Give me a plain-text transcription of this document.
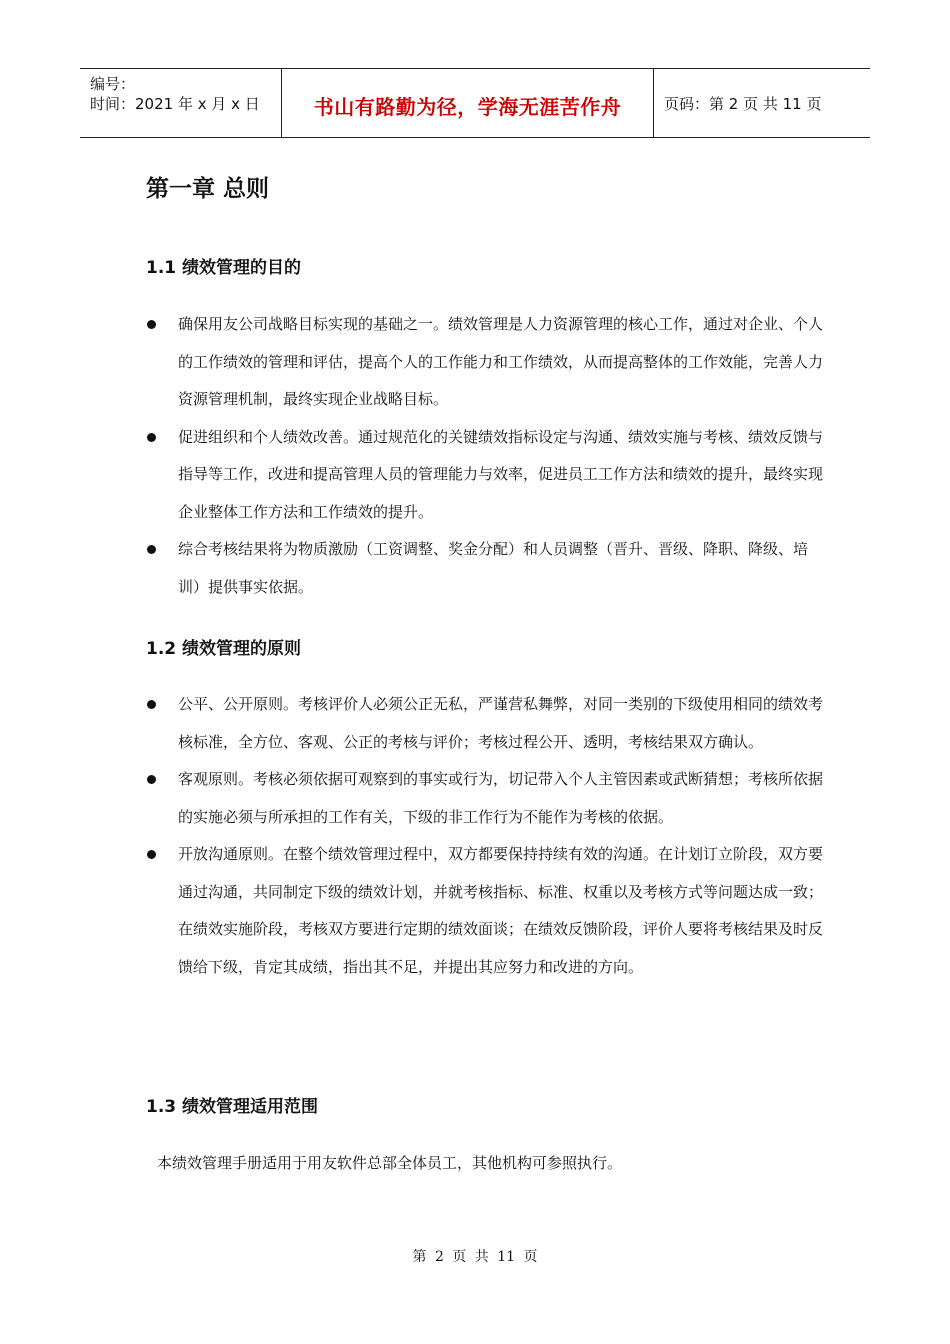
编号：
时间：2021 年 x 月 x 日	书山有路勤为径，学海无涯苦作舟	页码：第 2 页 共 11 页
第一章 总则
1.1 绩效管理的目的
确保用友公司战略目标实现的基础之一。绩效管理是人力资源管理的核心工作，通过对企业、个人的工作绩效的管理和评估，提高个人的工作能力和工作绩效，从而提高整体的工作效能，完善人力资源管理机制，最终实现企业战略目标。
促进组织和个人绩效改善。通过规范化的关键绩效指标设定与沟通、绩效实施与考核、绩效反馈与指导等工作，改进和提高管理人员的管理能力与效率，促进员工工作方法和绩效的提升，最终实现企业整体工作方法和工作绩效的提升。
综合考核结果将为物质激励（工资调整、奖金分配）和人员调整（晋升、晋级、降职、降级、培训）提供事实依据。
1.2 绩效管理的原则
公平、公开原则。考核评价人必须公正无私，严谨营私舞弊，对同一类别的下级使用相同的绩效考核标准，全方位、客观、公正的考核与评价；考核过程公开、透明，考核结果双方确认。
客观原则。考核必须依据可观察到的事实或行为，切记带入个人主管因素或武断猜想；考核所依据的实施必须与所承担的工作有关，下级的非工作行为不能作为考核的依据。
开放沟通原则。在整个绩效管理过程中，双方都要保持持续有效的沟通。在计划订立阶段，双方要通过沟通，共同制定下级的绩效计划，并就考核指标、标准、权重以及考核方式等问题达成一致；在绩效实施阶段，考核双方要进行定期的绩效面谈；在绩效反馈阶段，评价人要将考核结果及时反馈给下级，肯定其成绩，指出其不足，并提出其应努力和改进的方向。
1.3 绩效管理适用范围
本绩效管理手册适用于用友软件总部全体员工，其他机构可参照执行。
第 2 页 共 11 页
